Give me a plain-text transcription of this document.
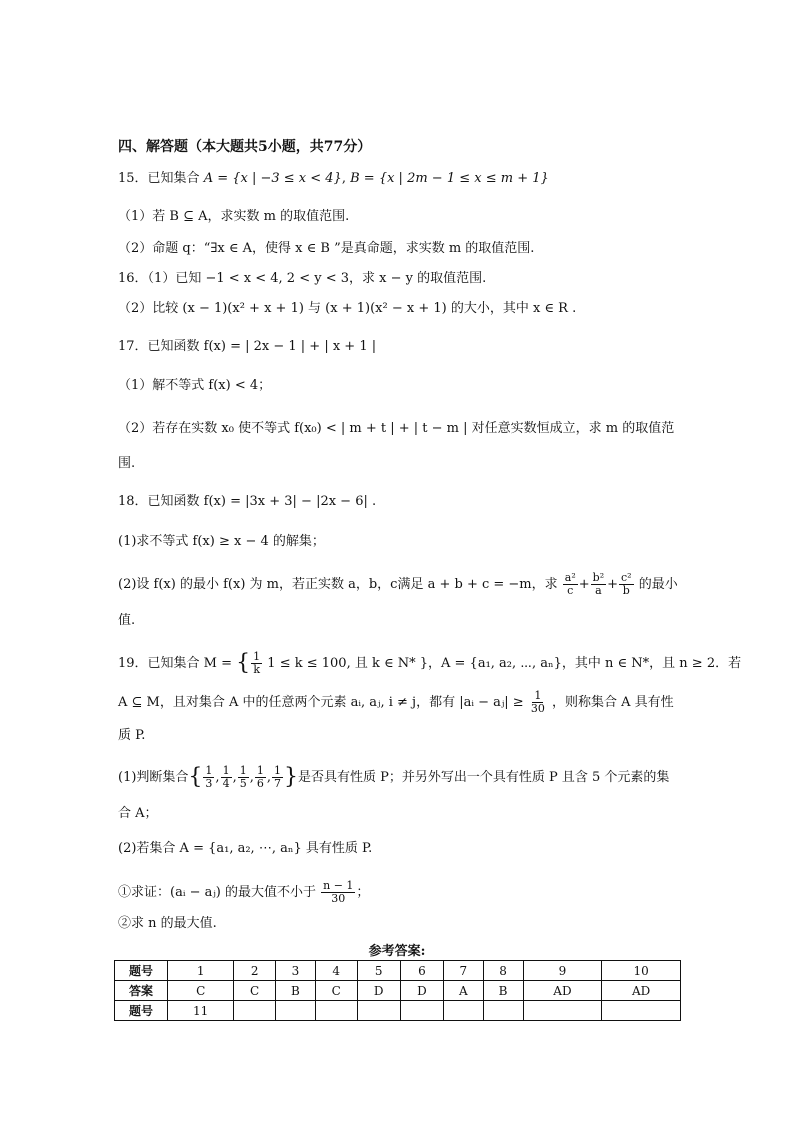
四、解答题（本大题共5小题，共77分）
15．已知集合 A = {x | −3 ≤ x < 4}, B = {x | 2m − 1 ≤ x ≤ m + 1}
（1）若 B ⊆ A，求实数 m 的取值范围.
（2）命题 q：“∃x ∈ A，使得 x ∈ B ”是真命题，求实数 m 的取值范围.
16．（1）已知 −1 < x < 4, 2 < y < 3，求 x − y 的取值范围.
（2）比较 (x − 1)(x² + x + 1) 与 (x + 1)(x² − x + 1) 的大小，其中 x ∈ R .
17．已知函数 f(x) = | 2x − 1 | + | x + 1 |
（1）解不等式 f(x) < 4；
（2）若存在实数 x₀ 使不等式 f(x₀) < | m + t | + | t − m | 对任意实数恒成立，求 m 的取值范
围.
18．已知函数 f(x) = |3x + 3| − |2x − 6| .
(1)求不等式 f(x) ≥ x − 4 的解集；
(2)设 f(x) 的最小 f(x) 为 m，若正实数 a，b，c满足 a + b + c = −m，求 $\frac{\text{a²}}{c} + \frac{\text{b²}}{a} + \frac{\text{c²}}{b}$ 的最小
值.
19．已知集合 M = { $\frac{1}{k} 1 \le k \le 100$, 且 k ∈ N* }，A = {a₁, a₂, ⋯, aₙ}，其中 n ∈ N*，且 n ≥ 2．若
A ⊆ M，且对集合 A 中的任意两个元素 aᵢ, aⱼ, i ≠ j，都有 |aᵢ − aⱼ| ≥ $\frac{1}{30}$ ，则称集合 A 具有性
质 P.
(1)判断集合{ $\frac{1}{3}$ , $\frac{1}{4}$ , $\frac{1}{5}$ , $\frac{1}{6}$ , $\frac{1}{7}$ }是否具有性质 P；并另外写出一个具有性质 P 且含 5 个元素的集
合 A；
(2)若集合 A = {a₁, a₂, ⋯, aₙ} 具有性质 P.
①求证：(aᵢ − aⱼ) 的最大值不小于 $\frac{n - 1}{30}$ ；
②求 n 的最大值.
参考答案:
题号	1	2	3	4	5	6	7	8	9	10
答案	C	C	B	C	D	D	A	B	AD	AD
题号	11									
